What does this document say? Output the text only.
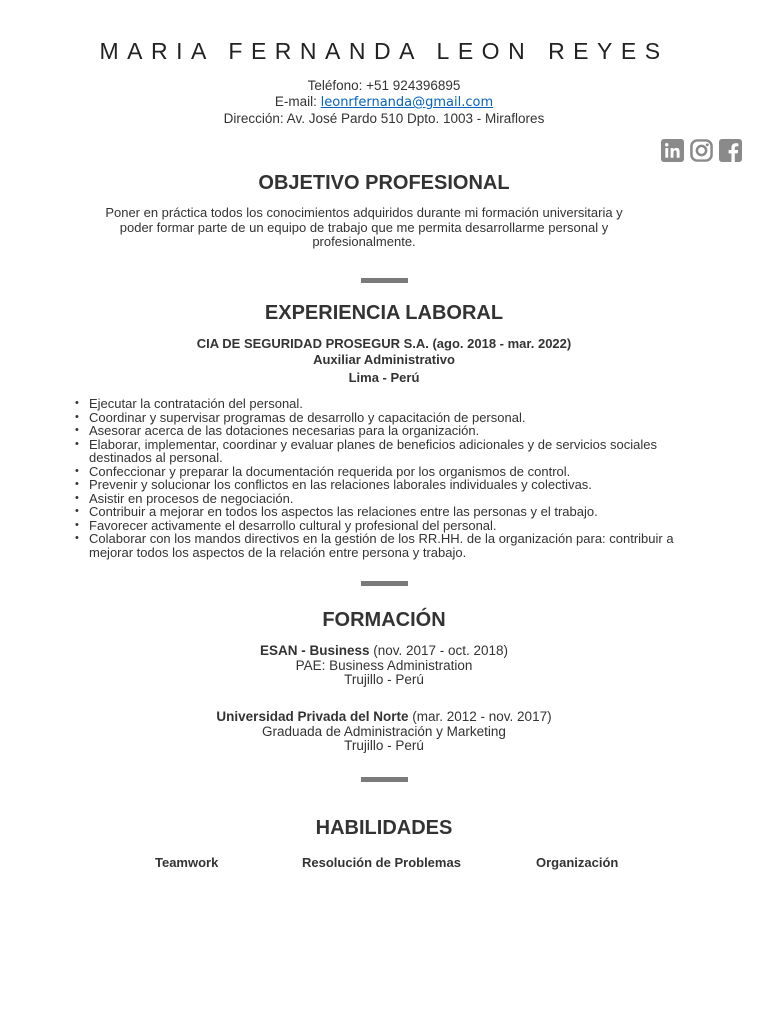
MARIA FERNANDA LEON REYES
Teléfono: +51 924396895
E-mail: leonrfernanda@gmail.com
Dirección: Av. José Pardo 510 Dpto. 1003 - Miraflores
OBJETIVO PROFESIONAL
Poner en práctica todos los conocimientos adquiridos durante mi formación universitaria y poder formar parte de un equipo de trabajo que me permita desarrollarme personal y profesionalmente.
EXPERIENCIA LABORAL
CIA DE SEGURIDAD PROSEGUR S.A. (ago. 2018 - mar. 2022)
Auxiliar Administrativo
Lima - Perú
• Ejecutar la contratación del personal.
• Coordinar y supervisar programas de desarrollo y capacitación de personal.
• Asesorar acerca de las dotaciones necesarias para la organización.
• Elaborar, implementar, coordinar y evaluar planes de beneficios adicionales y de servicios sociales destinados al personal.
• Confeccionar y preparar la documentación requerida por los organismos de control.
• Prevenir y solucionar los conflictos en las relaciones laborales individuales y colectivas.
• Asistir en procesos de negociación.
• Contribuir a mejorar en todos los aspectos las relaciones entre las personas y el trabajo.
• Favorecer activamente el desarrollo cultural y profesional del personal.
• Colaborar con los mandos directivos en la gestión de los RR.HH. de la organización para: contribuir a mejorar todos los aspectos de la relación entre persona y trabajo.
FORMACIÓN
ESAN - Business (nov. 2017 - oct. 2018)
PAE: Business Administration
Trujillo - Perú
Universidad Privada del Norte (mar. 2012 - nov. 2017)
Graduada de Administración y Marketing
Trujillo - Perú
HABILIDADES
Teamwork	Resolución de Problemas	Organización
